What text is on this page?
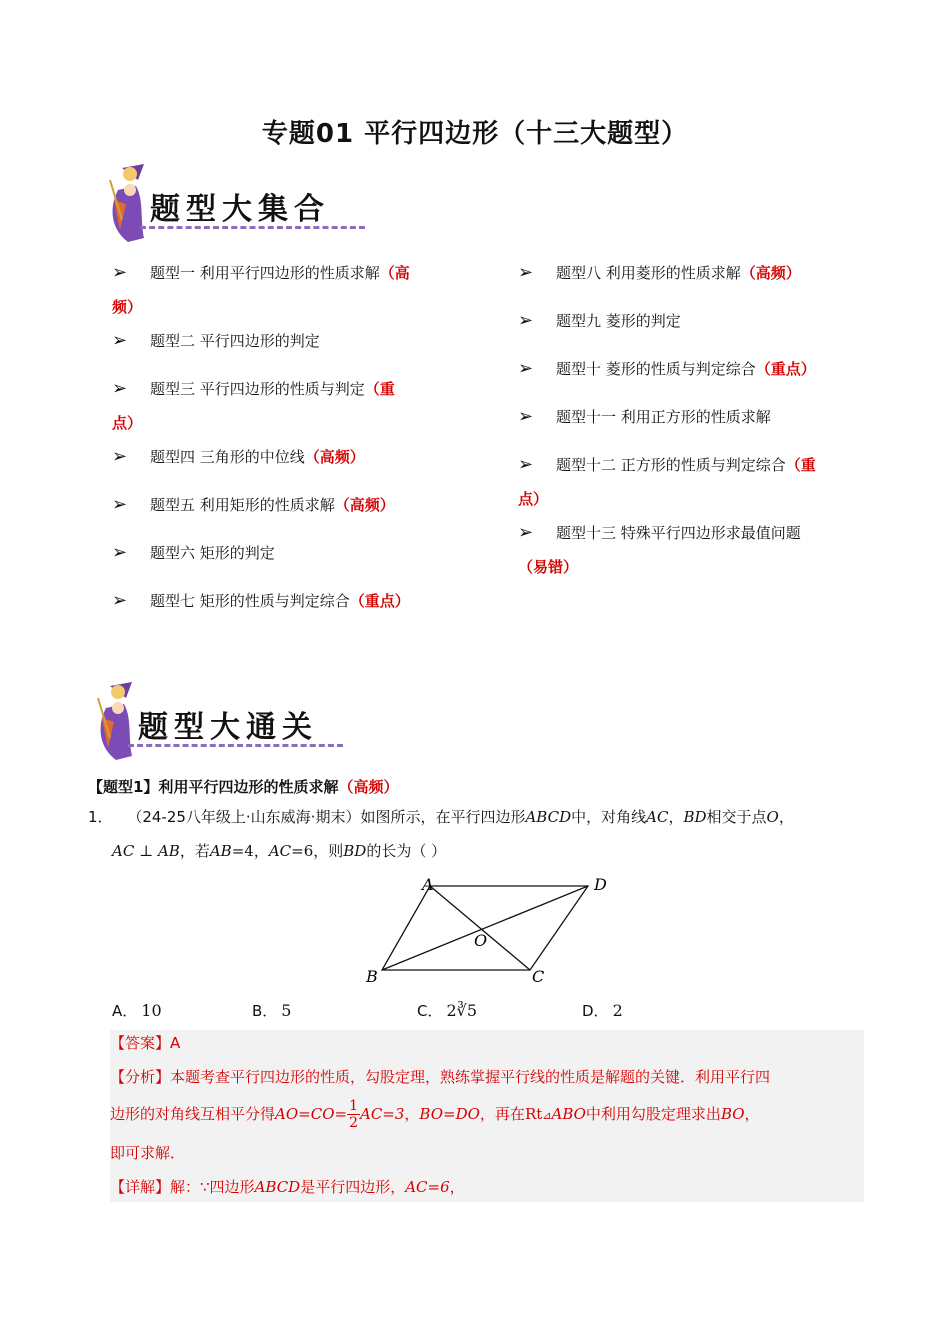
专题01 平行四边形（十三大题型）
题型大集合
➢ 题型一 利用平行四边形的性质求解（高
频）
➢ 题型二 平行四边形的判定
➢ 题型三 平行四边形的性质与判定（重
点）
➢ 题型四 三角形的中位线（高频）
➢ 题型五 利用矩形的性质求解（高频）
➢ 题型六 矩形的判定
➢ 题型七 矩形的性质与判定综合（重点）
➢ 题型八 利用菱形的性质求解（高频）
➢ 题型九 菱形的判定
➢ 题型十 菱形的性质与判定综合（重点）
➢ 题型十一 利用正方形的性质求解
➢ 题型十二 正方形的性质与判定综合（重
点）
➢ 题型十三 特殊平行四边形求最值问题
（易错）
题型大通关
【题型1】利用平行四边形的性质求解（高频）
1． （24-25八年级上·山东威海·期末）如图所示，在平行四边形ABCD中，对角线AC，BD相交于点O，
AC ⊥ AB，若AB=4，AC=6，则BD的长为（ ）
A	D
B	C
O
A． 10	B． 5	C． 2∛5	D． 2
【答案】A
【分析】本题考查平行四边形的性质，勾股定理，熟练掌握平行线的性质是解题的关键．利用平行四
边形的对角线互相平分得$AO=CO= \frac{1}{2} AC=3$，BO=DO，再在Rt⊿ABO中利用勾股定理求出BO，
即可求解．
【详解】解：∵四边形ABCD是平行四边形，AC=6，
